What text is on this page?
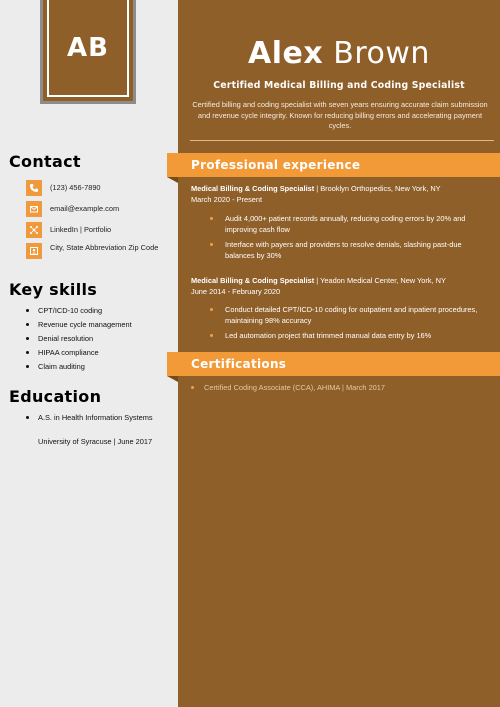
AB
Contact
(123) 456-7890
email@example.com
LinkedIn | Portfolio
City, State Abbreviation Zip Code
Key skills
CPT/ICD-10 coding
Revenue cycle management
Denial resolution
HIPAA compliance
Claim auditing
Education
A.S. in Health Information Systems
University of Syracuse | June 2017
Alex Brown
Certified Medical Billing and Coding Specialist
Certified billing and coding specialist with seven years ensuring accurate claim submission and revenue cycle integrity. Known for reducing billing errors and accelerating payment cycles.
Professional experience
Medical Billing & Coding Specialist | Brooklyn Orthopedics, New York, NY
March 2020 - Present
Audit 4,000+ patient records annually, reducing coding errors by 20% and improving cash flow
Interface with payers and providers to resolve denials, slashing past-due balances by 30%
Medical Billing & Coding Specialist | Yeadon Medical Center, New York, NY
June 2014 - February 2020
Conduct detailed CPT/ICD-10 coding for outpatient and inpatient procedures, maintaining 98% accuracy
Led automation project that trimmed manual data entry by 16%
Certifications
Certified Coding Associate (CCA), AHIMA | March 2017
